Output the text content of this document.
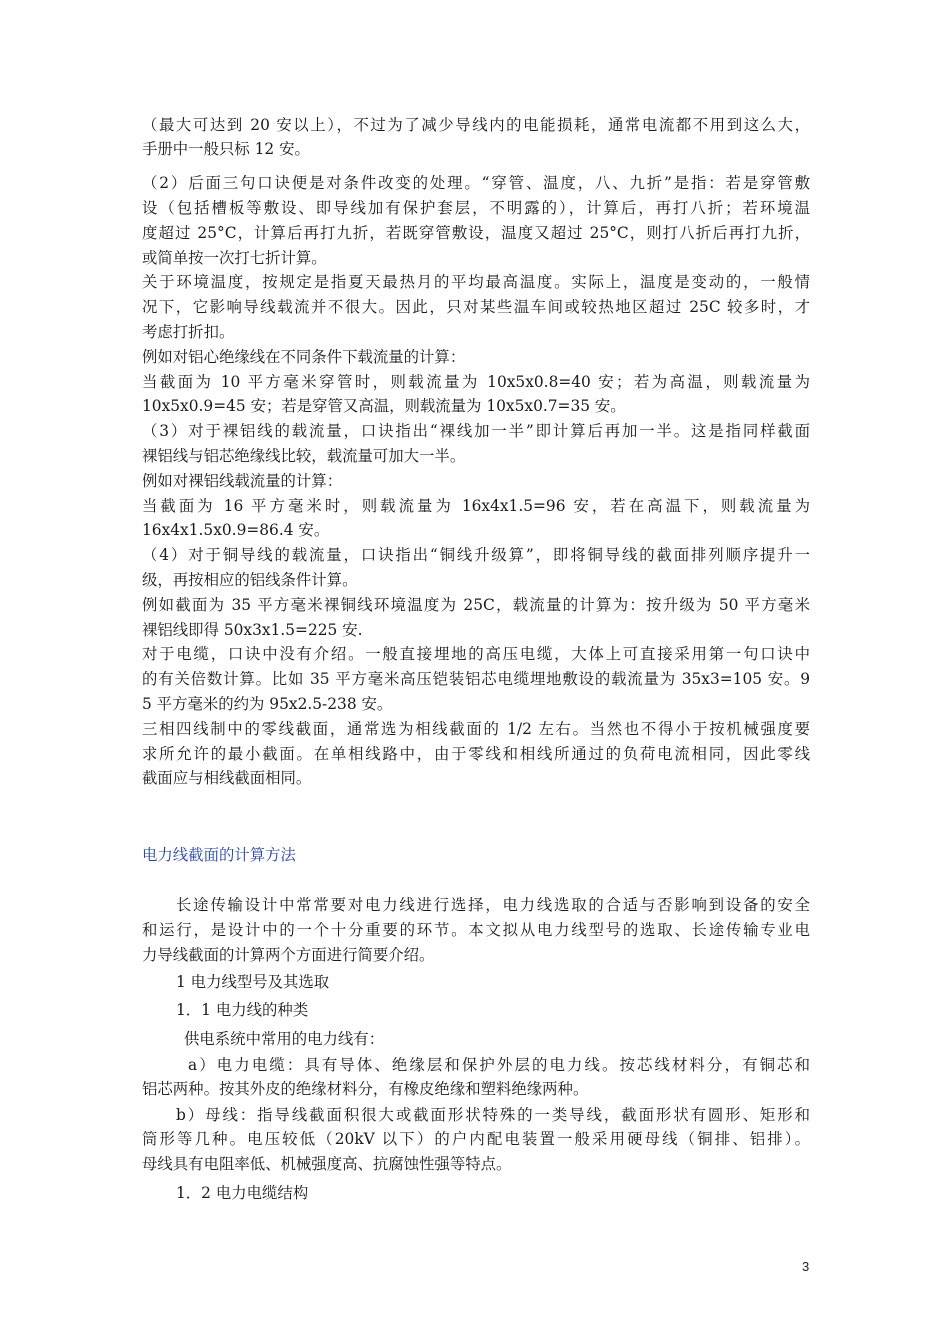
（最大可达到 20 安以上），不过为了减少导线内的电能损耗，通常电流都不用到这么大，
手册中一般只标 12 安。
（2）后面三句口诀便是对条件改变的处理。“穿管、温度，八、九折”是指：若是穿管敷
设（包括槽板等敷设、即导线加有保护套层，不明露的），计算后，再打八折；若环境温
度超过 25°C，计算后再打九折，若既穿管敷设，温度又超过 25°C，则打八折后再打九折，
或简单按一次打七折计算。
关于环境温度，按规定是指夏天最热月的平均最高温度。实际上，温度是变动的，一般情
况下，它影响导线载流并不很大。因此，只对某些温车间或较热地区超过 25C 较多时，才
考虑打折扣。
例如对铝心绝缘线在不同条件下载流量的计算：
当截面为 10 平方毫米穿管时，则载流量为 10x5x0.8=40 安；若为高温，则载流量为
10x5x0.9=45 安；若是穿管又高温，则载流量为 10x5x0.7=35 安。
（3）对于裸铝线的载流量，口诀指出“裸线加一半”即计算后再加一半。这是指同样截面
裸铝线与铝芯绝缘线比较，载流量可加大一半。
例如对裸铝线载流量的计算：
当截面为 16 平方毫米时，则载流量为 16x4x1.5=96 安，若在高温下，则载流量为
16x4x1.5x0.9=86.4 安。
（4）对于铜导线的载流量，口诀指出“铜线升级算”，即将铜导线的截面排列顺序提升一
级，再按相应的铝线条件计算。
例如截面为 35 平方毫米裸铜线环境温度为 25C，载流量的计算为：按升级为 50 平方毫米
裸铝线即得 50x3x1.5=225 安.
对于电缆，口诀中没有介绍。一般直接埋地的高压电缆，大体上可直接采用第一句口诀中
的有关倍数计算。比如 35 平方毫米高压铠装铝芯电缆埋地敷设的载流量为 35x3=105 安。9
5 平方毫米的约为 95x2.5-238 安。
三相四线制中的零线截面，通常选为相线截面的 1/2 左右。当然也不得小于按机械强度要
求所允许的最小截面。在单相线路中，由于零线和相线所通过的负荷电流相同，因此零线
截面应与相线截面相同。
电力线截面的计算方法
长途传输设计中常常要对电力线进行选择，电力线选取的合适与否影响到设备的安全
和运行，是设计中的一个十分重要的环节。本文拟从电力线型号的选取、长途传输专业电
力导线截面的计算两个方面进行简要介绍。
1 电力线型号及其选取
1．1 电力线的种类
供电系统中常用的电力线有：
a）电力电缆：具有导体、绝缘层和保护外层的电力线。按芯线材料分，有铜芯和
铝芯两种。按其外皮的绝缘材料分，有橡皮绝缘和塑料绝缘两种。
b）母线：指导线截面积很大或截面形状特殊的一类导线，截面形状有圆形、矩形和
筒形等几种。电压较低（20kV 以下）的户内配电装置一般采用硬母线（铜排、铝排）。
母线具有电阻率低、机械强度高、抗腐蚀性强等特点。
1．2 电力电缆结构
3
